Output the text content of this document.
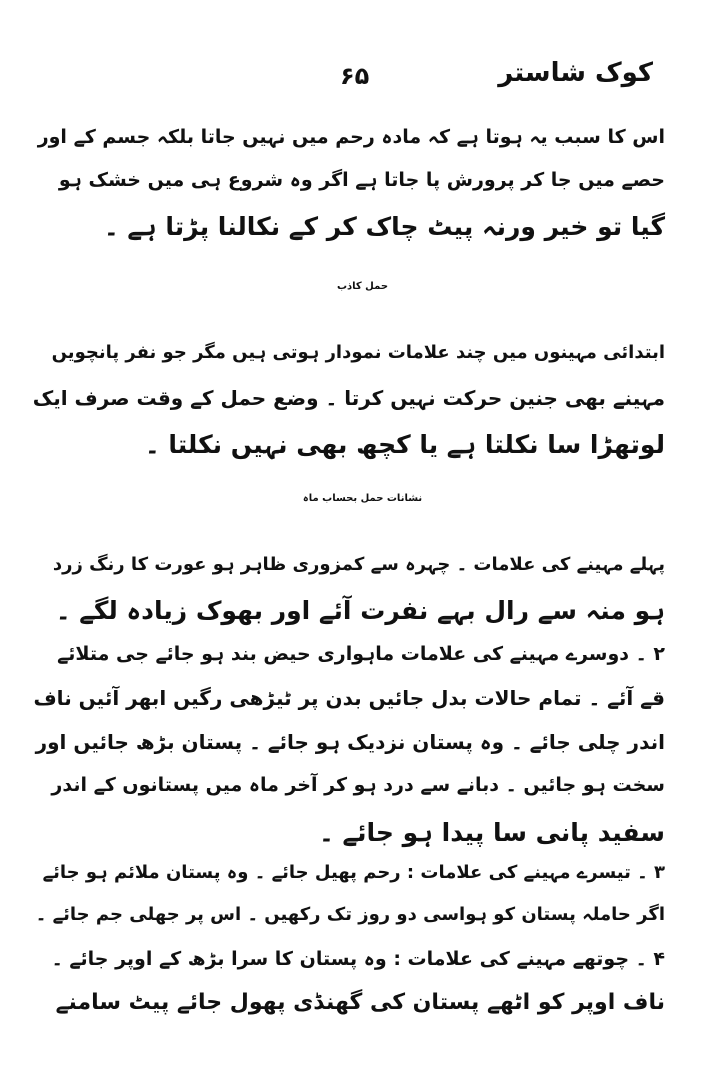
کوک شاستر
۶۵
اس کا سبب یہ ہوتا ہے کہ مادہ رحم میں نہیں جاتا بلکہ جسم کے اور
حصے میں جا کر پرورش پا جاتا ہے اگر وہ شروع ہی میں خشک ہو
گیا تو خیر ورنہ پیٹ چاک کر کے نکالنا پڑتا ہے ۔
حمل کاذب
ابتدائی مہینوں میں چند علامات نمودار ہوتی ہیں مگر جو نفر پانچویں
مہینے بھی جنین حرکت نہیں کرتا ۔ وضع حمل کے وقت صرف ایک
لوتھڑا سا نکلتا ہے یا کچھ بھی نہیں نکلتا ۔
نشانات حمل بحساب ماہ
پہلے مہینے کی علامات ۔ چہرہ سے کمزوری ظاہر ہو عورت کا رنگ زرد
ہو منہ سے رال بہے نفرت آئے اور بھوک زیادہ لگے ۔
۲ ۔ دوسرے مہینے کی علامات ماہواری حیض بند ہو جائے جی متلائے
قے آئے ۔ تمام حالات بدل جائیں بدن پر ٹیڑھی رگیں ابھر آئیں ناف
اندر چلی جائے ۔ وہ پستان نزدیک ہو جائے ۔ پستان بڑھ جائیں اور
سخت ہو جائیں ۔ دبانے سے درد ہو کر آخر ماہ میں پستانوں کے اندر
سفید پانی سا پیدا ہو جائے ۔
۳ ۔ تیسرے مہینے کی علامات : رحم پھیل جائے ۔ وہ پستان ملائم ہو جائے
اگر حاملہ پستان کو ہواسی دو روز تک رکھیں ۔ اس پر جھلی جم جائے ۔
۴ ۔ چوتھے مہینے کی علامات : وہ پستان کا سرا بڑھ کے اوپر جائے ۔
ناف اوپر کو اٹھے پستان کی گھنڈی پھول جائے پیٹ سامنے
